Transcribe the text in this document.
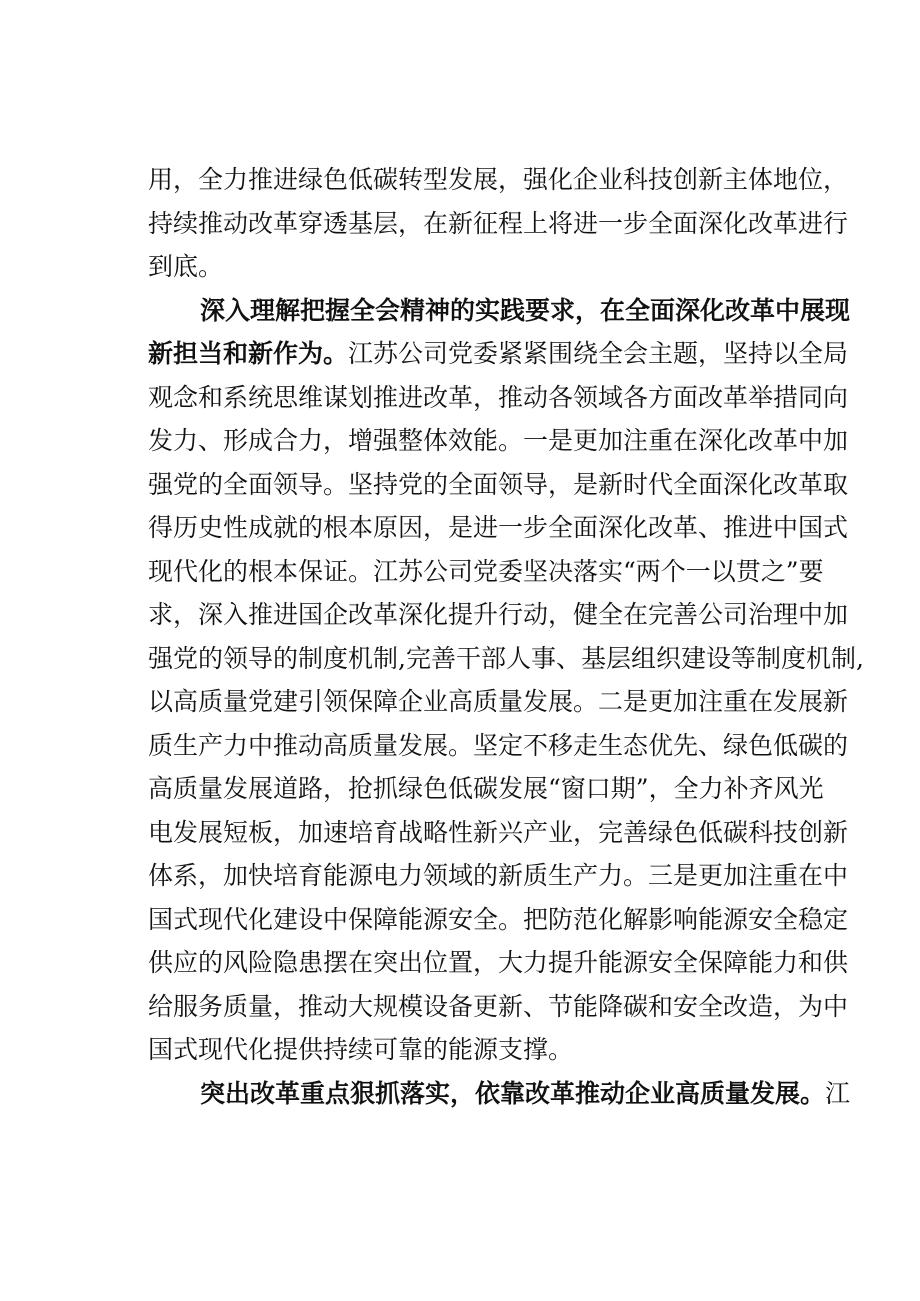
用，全力推进绿色低碳转型发展，强化企业科技创新主体地位，
持续推动改革穿透基层，在新征程上将进一步全面深化改革进行
到底。
深入理解把握全会精神的实践要求，在全面深化改革中展现
新担当和新作为。江苏公司党委紧紧围绕全会主题，坚持以全局
观念和系统思维谋划推进改革，推动各领域各方面改革举措同向
发力、形成合力，增强整体效能。一是更加注重在深化改革中加
强党的全面领导。坚持党的全面领导，是新时代全面深化改革取
得历史性成就的根本原因，是进一步全面深化改革、推进中国式
现代化的根本保证。江苏公司党委坚决落实“两个一以贯之”要
求，深入推进国企改革深化提升行动，健全在完善公司治理中加
强党的领导的制度机制,完善干部人事、基层组织建设等制度机制,
以高质量党建引领保障企业高质量发展。二是更加注重在发展新
质生产力中推动高质量发展。坚定不移走生态优先、绿色低碳的
高质量发展道路，抢抓绿色低碳发展“窗口期”，全力补齐风光
电发展短板，加速培育战略性新兴产业，完善绿色低碳科技创新
体系，加快培育能源电力领域的新质生产力。三是更加注重在中
国式现代化建设中保障能源安全。把防范化解影响能源安全稳定
供应的风险隐患摆在突出位置，大力提升能源安全保障能力和供
给服务质量，推动大规模设备更新、节能降碳和安全改造，为中
国式现代化提供持续可靠的能源支撑。
突出改革重点狠抓落实，依靠改革推动企业高质量发展。江
